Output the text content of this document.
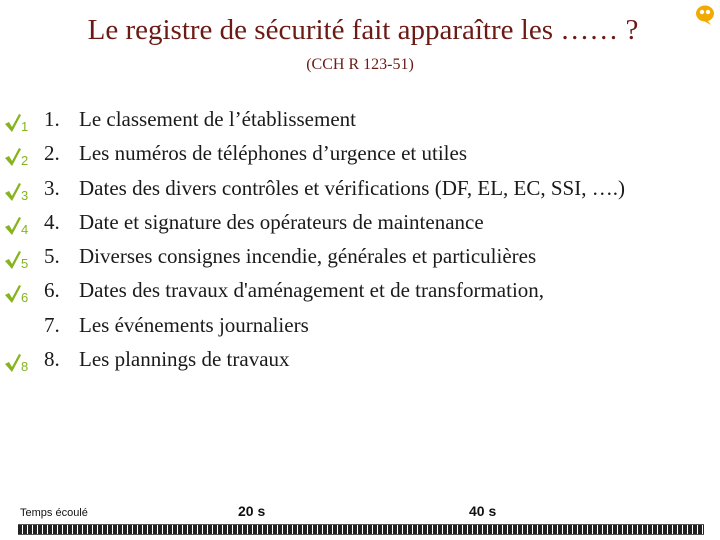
Le registre de sécurité fait apparaître les …… ?
(CCH R 123-51)
1 1. Le classement de l’établissement
2 2. Les numéros de téléphones d’urgence et utiles
3 3. Dates des divers contrôles et vérifications (DF, EL, EC, SSI, ….)
4 4. Date et signature des opérateurs de maintenance
5 5. Diverses consignes incendie, générales et particulières
6 6. Dates des travaux d'aménagement et de transformation,
7. Les événements journaliers
8 8. Les plannings de travaux
Temps écoulé	20 s	40 s
